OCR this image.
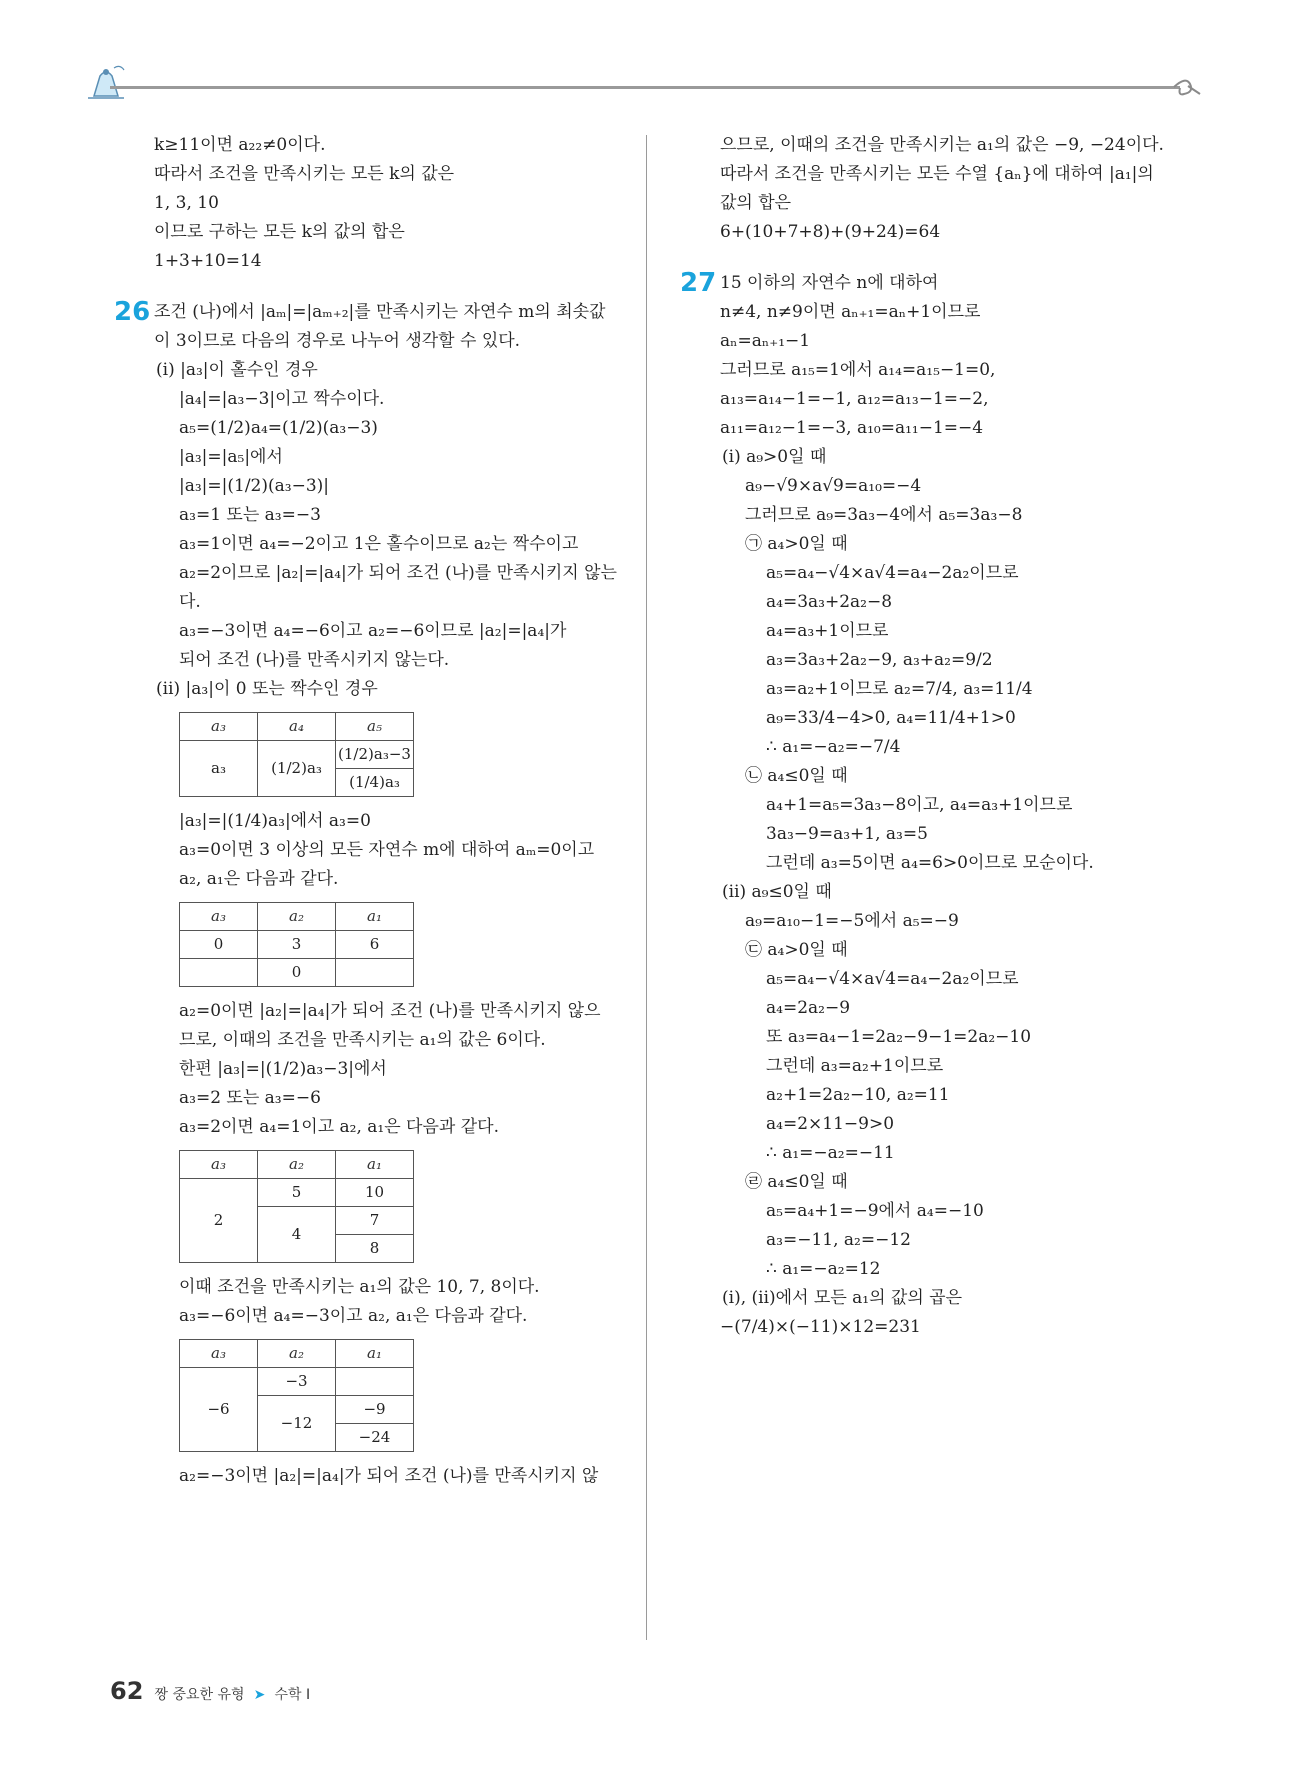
k≥11이면 a₂₂≠0이다.
따라서 조건을 만족시키는 모든 k의 값은
1, 3, 10
이므로 구하는 모든 k의 값의 합은
1+3+10=14
26 조건 (나)에서 |aₘ|=|aₘ₊₂|를 만족시키는 자연수 m의 최솟값
이 3이므로 다음의 경우로 나누어 생각할 수 있다.
(ⅰ) |a₃|이 홀수인 경우
|a₄|=|a₃−3|이고 짝수이다.
a₅=(1/2)a₄=(1/2)(a₃−3)
|a₃|=|a₅|에서
|a₃|=|(1/2)(a₃−3)|
a₃=1 또는 a₃=−3
a₃=1이면 a₄=−2이고 1은 홀수이므로 a₂는 짝수이고
a₂=2이므로 |a₂|=|a₄|가 되어 조건 (나)를 만족시키지 않는
다.
a₃=−3이면 a₄=−6이고 a₂=−6이므로 |a₂|=|a₄|가
되어 조건 (나)를 만족시키지 않는다.
(ⅱ) |a₃|이 0 또는 짝수인 경우
a₃	a₄	a₅
a₃	(1/2)a₃	(1/2)a₃−3
		(1/4)a₃
|a₃|=|(1/4)a₃|에서 a₃=0
a₃=0이면 3 이상의 모든 자연수 m에 대하여 aₘ=0이고
a₂, a₁은 다음과 같다.
a₃	a₂	a₁
0	3	6
	0	
a₂=0이면 |a₂|=|a₄|가 되어 조건 (나)를 만족시키지 않으
므로, 이때의 조건을 만족시키는 a₁의 값은 6이다.
한편 |a₃|=|(1/2)a₃−3|에서
a₃=2 또는 a₃=−6
a₃=2이면 a₄=1이고 a₂, a₁은 다음과 같다.
a₃	a₂	a₁
2	5	10
	4	7
		8
이때 조건을 만족시키는 a₁의 값은 10, 7, 8이다.
a₃=−6이면 a₄=−3이고 a₂, a₁은 다음과 같다.
a₃	a₂	a₁
−6	−3	
	−12	−9
		−24
a₂=−3이면 |a₂|=|a₄|가 되어 조건 (나)를 만족시키지 않
으므로, 이때의 조건을 만족시키는 a₁의 값은 −9, −24이다.
따라서 조건을 만족시키는 모든 수열 {aₙ}에 대하여 |a₁|의
값의 합은
6+(10+7+8)+(9+24)=64
27 15 이하의 자연수 n에 대하여
n≠4, n≠9이면 aₙ₊₁=aₙ+1이므로
aₙ=aₙ₊₁−1
그러므로 a₁₅=1에서 a₁₄=a₁₅−1=0,
a₁₃=a₁₄−1=−1, a₁₂=a₁₃−1=−2,
a₁₁=a₁₂−1=−3, a₁₀=a₁₁−1=−4
(ⅰ) a₉>0일 때
a₉−√9×a√9=a₁₀=−4
그러므로 a₉=3a₃−4에서 a₅=3a₃−8
㉠ a₄>0일 때
a₅=a₄−√4×a√4=a₄−2a₂이므로
a₄=3a₃+2a₂−8
a₄=a₃+1이므로
a₃=3a₃+2a₂−9, a₃+a₂=9/2
a₃=a₂+1이므로 a₂=7/4, a₃=11/4
a₉=33/4−4>0, a₄=11/4+1>0
∴ a₁=−a₂=−7/4
㉡ a₄≤0일 때
a₄+1=a₅=3a₃−8이고, a₄=a₃+1이므로
3a₃−9=a₃+1, a₃=5
그런데 a₃=5이면 a₄=6>0이므로 모순이다.
(ⅱ) a₉≤0일 때
a₉=a₁₀−1=−5에서 a₅=−9
㉢ a₄>0일 때
a₅=a₄−√4×a√4=a₄−2a₂이므로
a₄=2a₂−9
또 a₃=a₄−1=2a₂−9−1=2a₂−10
그런데 a₃=a₂+1이므로
a₂+1=2a₂−10, a₂=11
a₄=2×11−9>0
∴ a₁=−a₂=−11
㉣ a₄≤0일 때
a₅=a₄+1=−9에서 a₄=−10
a₃=−11, a₂=−12
∴ a₁=−a₂=12
(ⅰ), (ⅱ)에서 모든 a₁의 값의 곱은
−(7/4)×(−11)×12=231
62 짱 중요한 유형 ➤ 수학 Ⅰ
